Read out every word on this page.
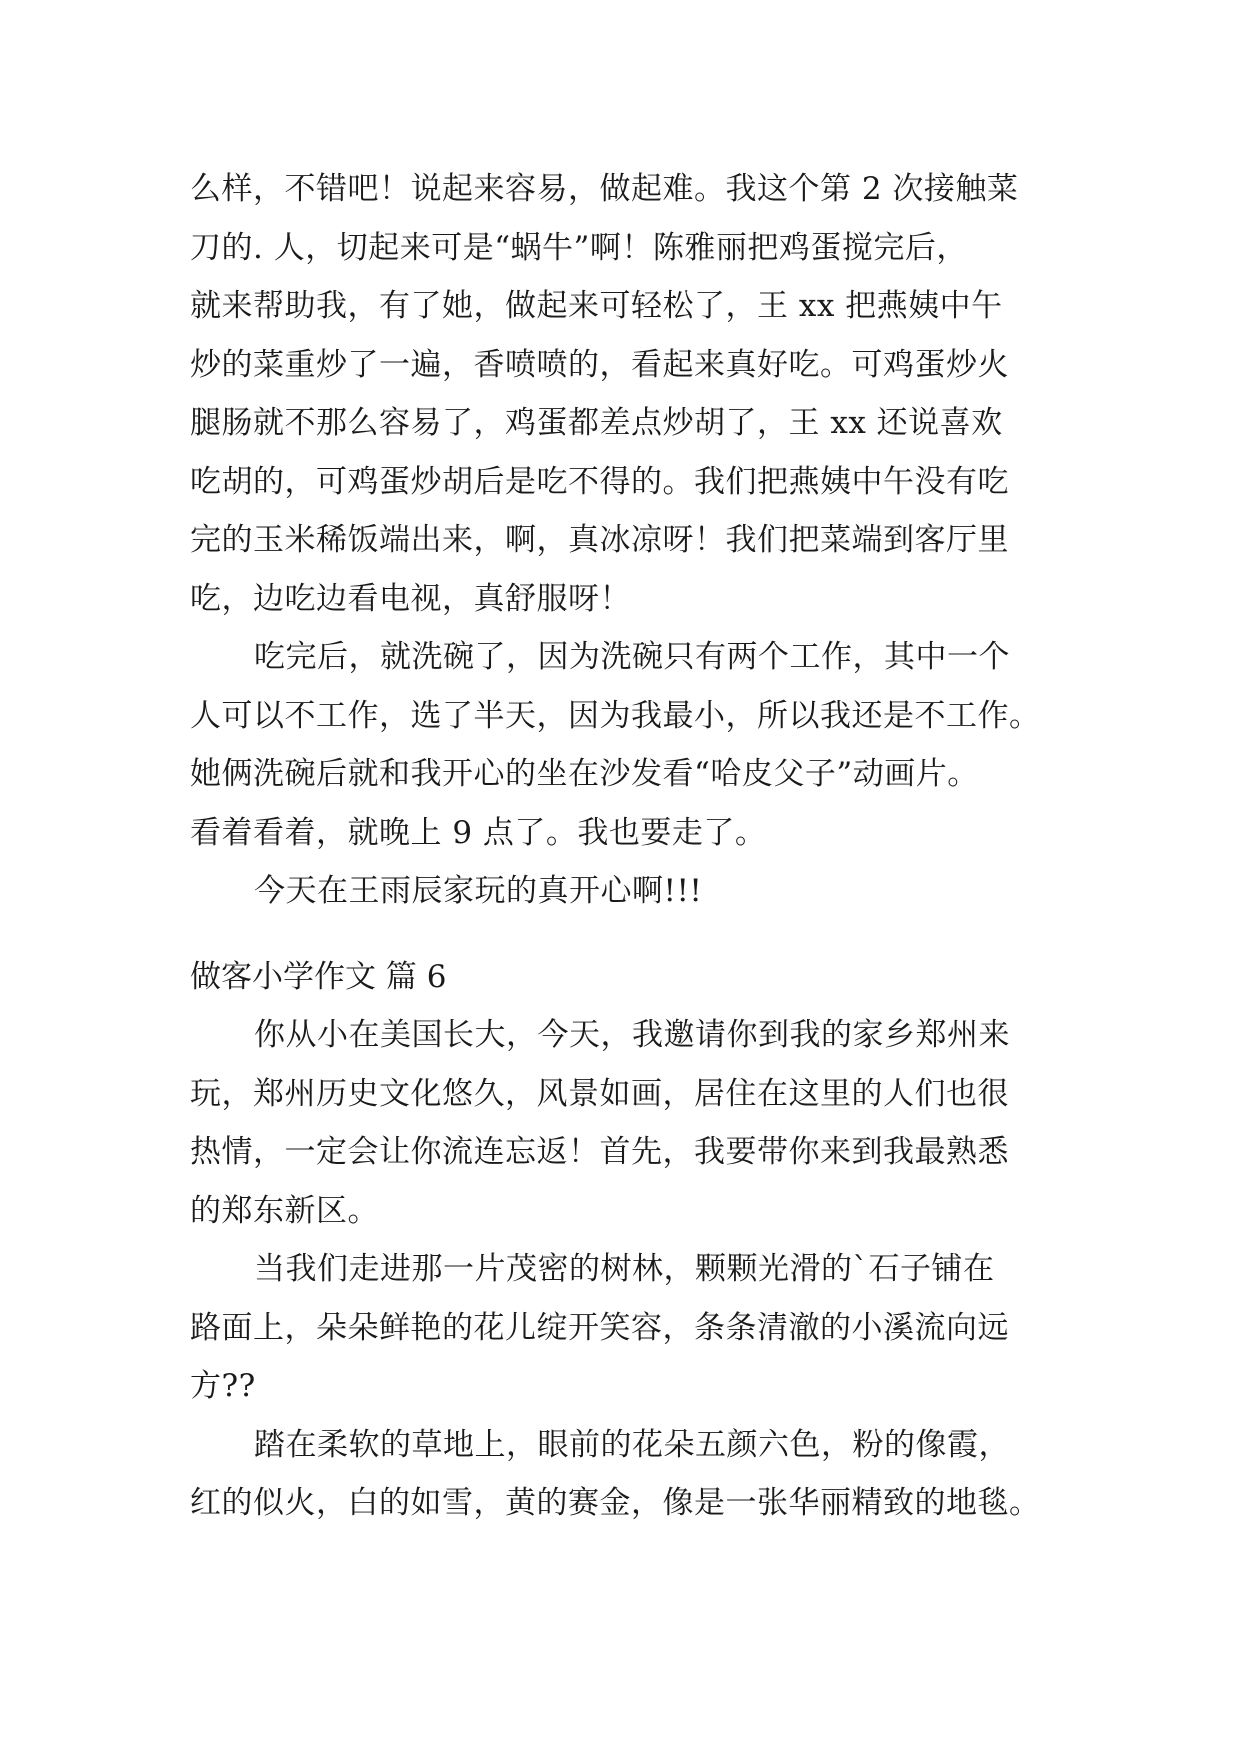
么样，不错吧！说起来容易，做起难。我这个第 2 次接触菜
刀的. 人，切起来可是“蜗牛”啊！陈雅丽把鸡蛋搅完后，
就来帮助我，有了她，做起来可轻松了，王 xx 把燕姨中午
炒的菜重炒了一遍，香喷喷的，看起来真好吃。可鸡蛋炒火
腿肠就不那么容易了，鸡蛋都差点炒胡了，王 xx 还说喜欢
吃胡的，可鸡蛋炒胡后是吃不得的。我们把燕姨中午没有吃
完的玉米稀饭端出来，啊，真冰凉呀！我们把菜端到客厅里
吃，边吃边看电视，真舒服呀！
吃完后，就洗碗了，因为洗碗只有两个工作，其中一个
人可以不工作，选了半天，因为我最小，所以我还是不工作。
她俩洗碗后就和我开心的坐在沙发看“哈皮父子”动画片。
看着看着，就晚上 9 点了。我也要走了。
今天在王雨辰家玩的真开心啊!!!
做客小学作文 篇 6
你从小在美国长大，今天，我邀请你到我的家乡郑州来
玩，郑州历史文化悠久，风景如画，居住在这里的人们也很
热情，一定会让你流连忘返！首先，我要带你来到我最熟悉
的郑东新区。
当我们走进那一片茂密的树林，颗颗光滑的`石子铺在
路面上，朵朵鲜艳的花儿绽开笑容，条条清澈的小溪流向远
方??
踏在柔软的草地上，眼前的花朵五颜六色，粉的像霞，
红的似火，白的如雪，黄的赛金，像是一张华丽精致的地毯。
